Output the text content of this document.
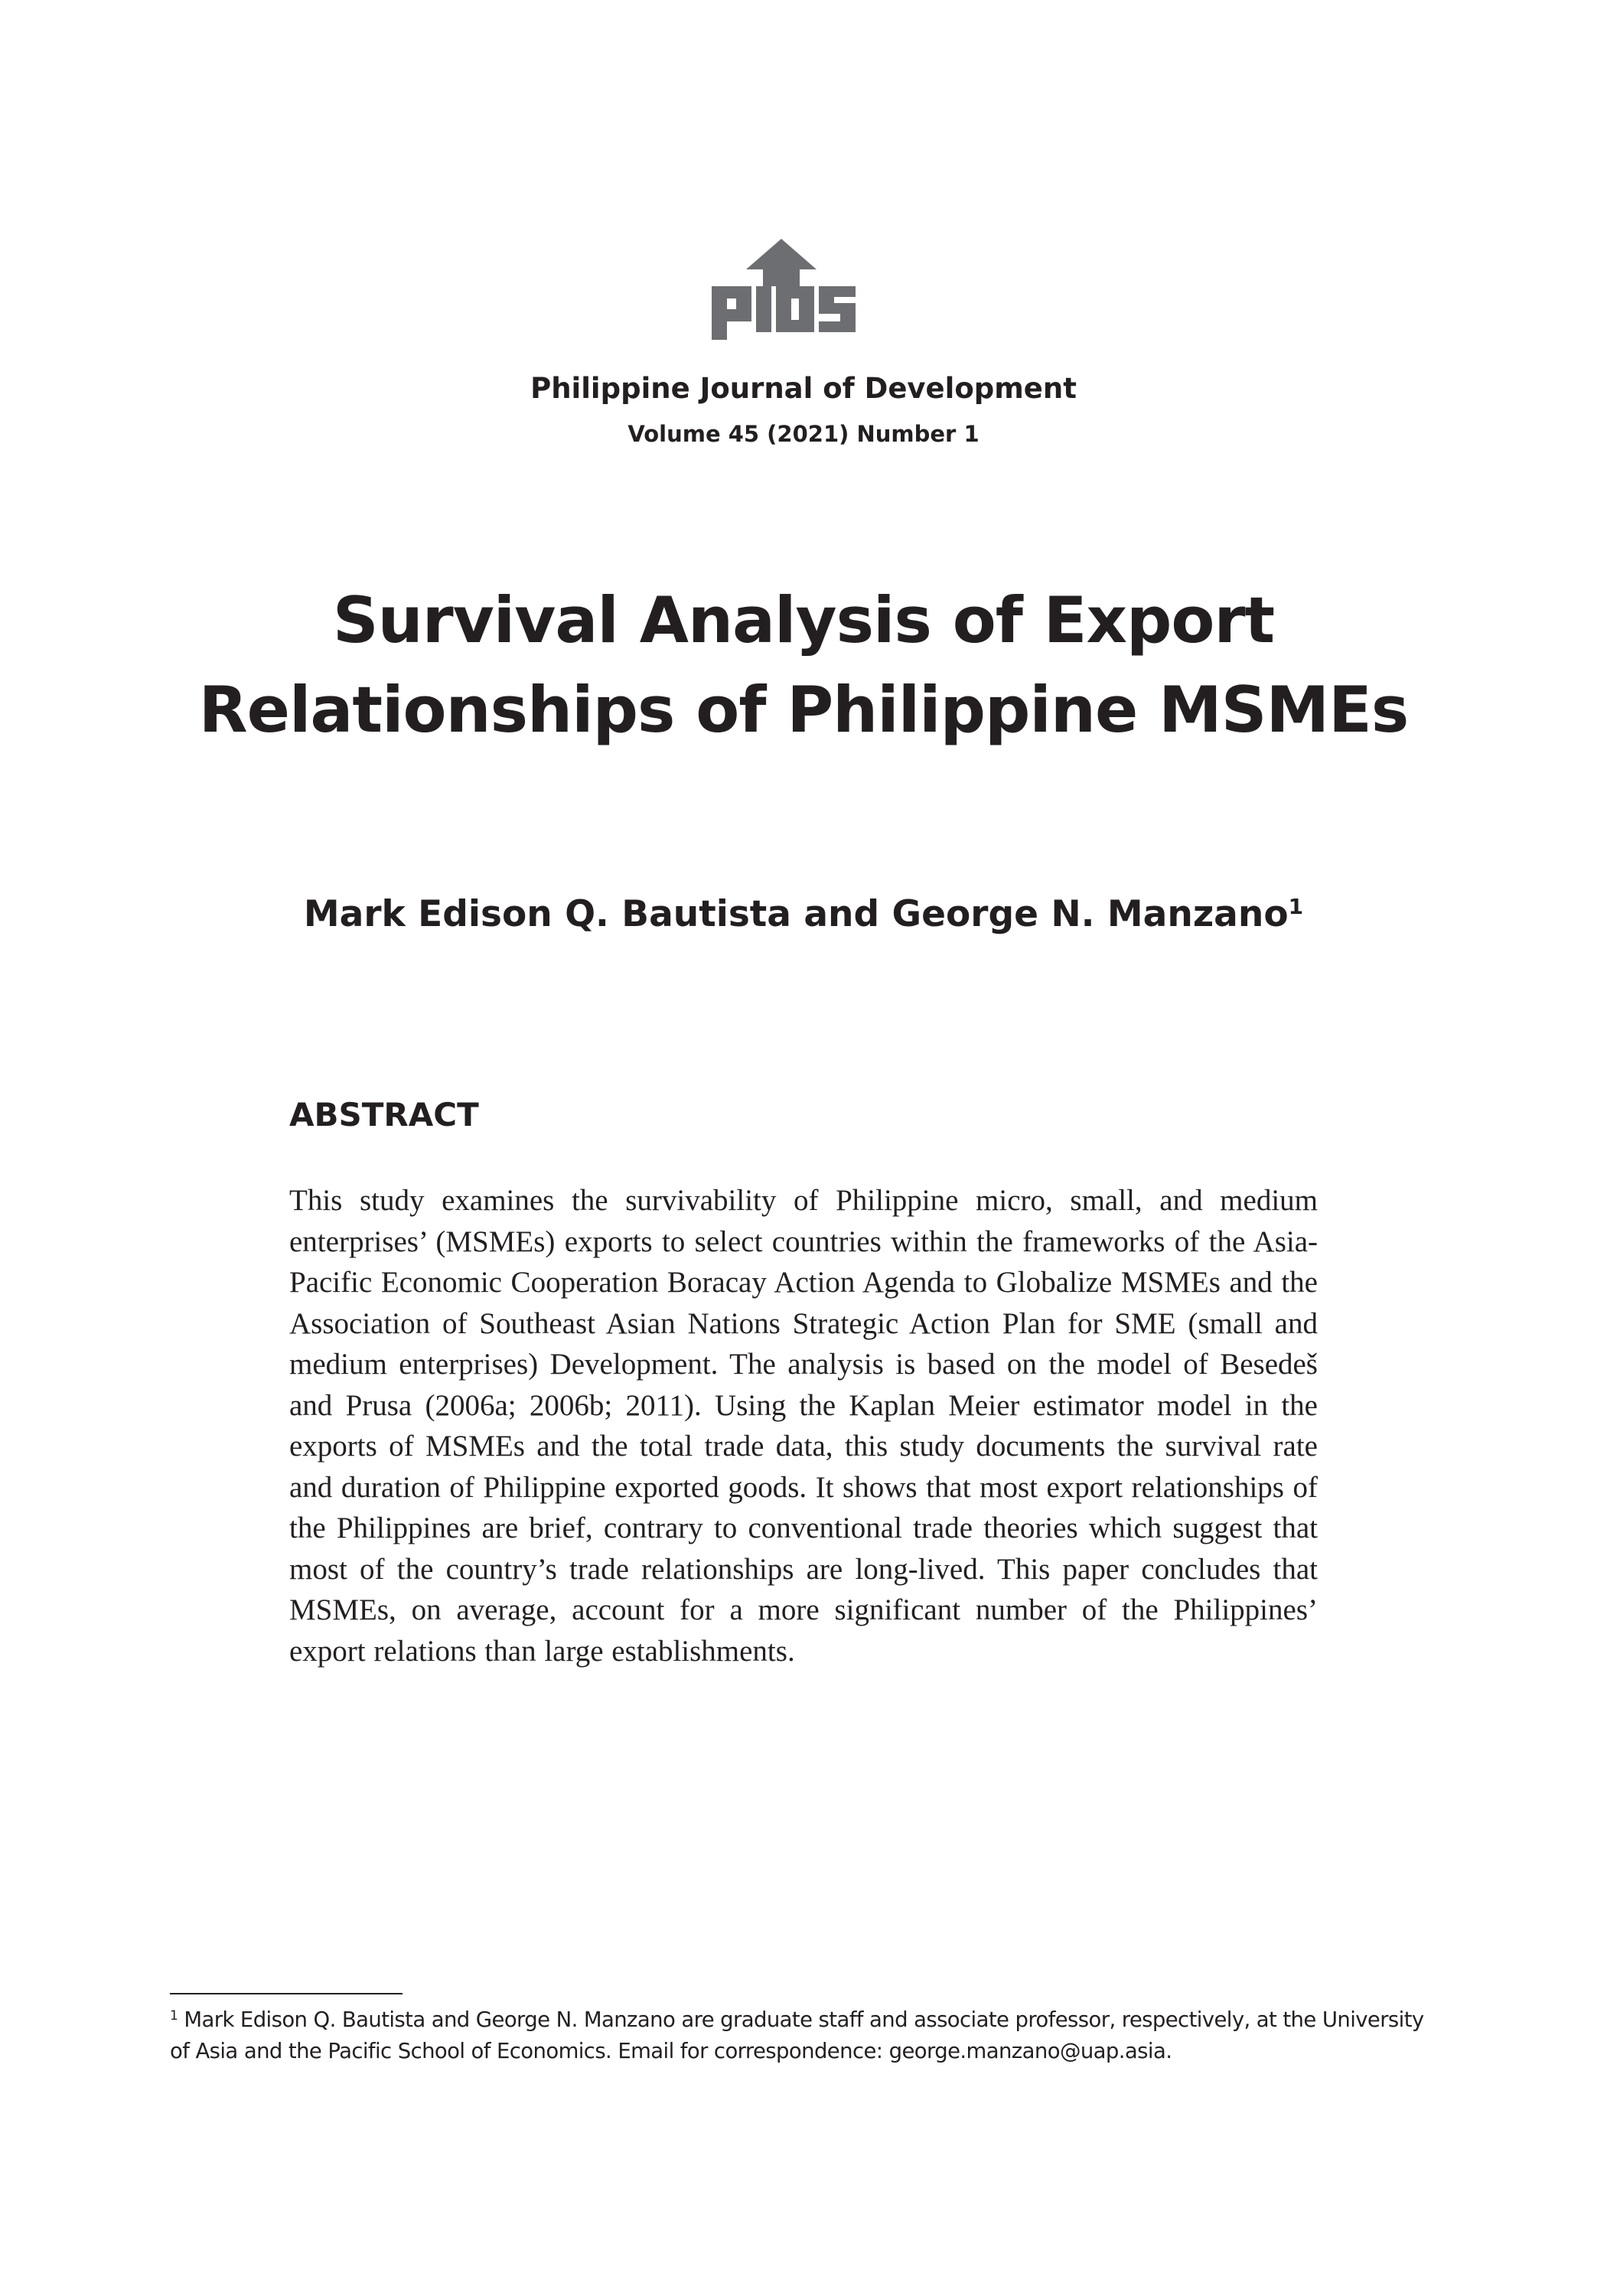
Philippine Journal of Development
Volume 45 (2021) Number 1
Survival Analysis of Export
Relationships of Philippine MSMEs
Mark Edison Q. Bautista and George N. Manzano$^1$
ABSTRACT

This study examines the survivability of Philippine micro, small, and medium enterprises’ (MSMEs) exports to select countries within the frameworks of the Asia-Pacific Economic Cooperation Boracay Action Agenda to Globalize MSMEs and the Association of Southeast Asian Nations Strategic Action Plan for SME (small and medium enterprises) Development. The analysis is based on the model of Besedeš and Prusa (2006a; 2006b; 2011). Using the Kaplan Meier estimator model in the exports of MSMEs and the total trade data, this study documents the survival rate and duration of Philippine exported goods. It shows that most export relationships of the Philippines are brief, contrary to conventional trade theories which suggest that most of the country’s trade relationships are long-lived. This paper concludes that MSMEs, on average, account for a more significant number of the Philippines’ export relations than large establishments.

$^1$ Mark Edison Q. Bautista and George N. Manzano are graduate staff and associate professor, respectively, at the University of Asia and the Pacific School of Economics. Email for correspondence: george.manzano@uap.asia.
